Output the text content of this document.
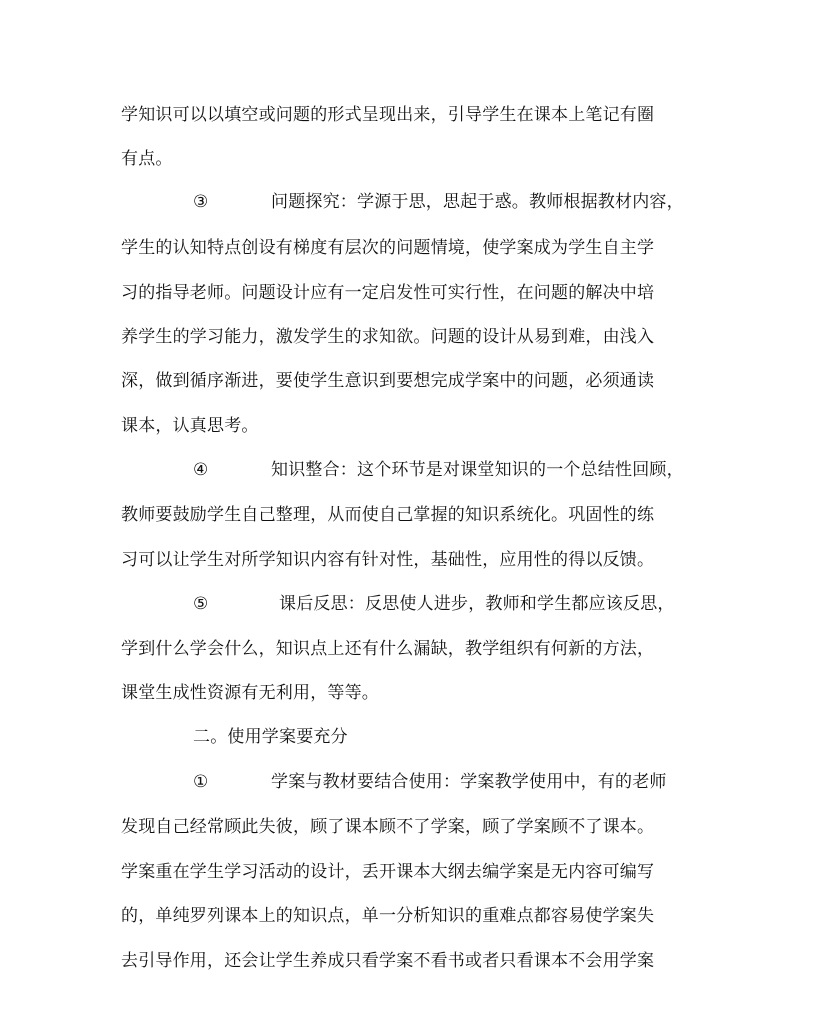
学知识可以以填空或问题的形式呈现出来，引导学生在课本上笔记有圈
有点。
③	问题探究：学源于思，思起于惑。教师根据教材内容，
学生的认知特点创设有梯度有层次的问题情境，使学案成为学生自主学
习的指导老师。问题设计应有一定启发性可实行性，在问题的解决中培
养学生的学习能力，激发学生的求知欲。问题的设计从易到难，由浅入
深，做到循序渐进，要使学生意识到要想完成学案中的问题，必须通读
课本，认真思考。
④	知识整合：这个环节是对课堂知识的一个总结性回顾，
教师要鼓励学生自己整理，从而使自己掌握的知识系统化。巩固性的练
习可以让学生对所学知识内容有针对性，基础性，应用性的得以反馈。
⑤	课后反思：反思使人进步，教师和学生都应该反思，
学到什么学会什么，知识点上还有什么漏缺，教学组织有何新的方法，
课堂生成性资源有无利用，等等。
二。使用学案要充分
①	学案与教材要结合使用：学案教学使用中，有的老师
发现自己经常顾此失彼，顾了课本顾不了学案，顾了学案顾不了课本。
学案重在学生学习活动的设计，丢开课本大纲去编学案是无内容可编写
的，单纯罗列课本上的知识点，单一分析知识的重难点都容易使学案失
去引导作用，还会让学生养成只看学案不看书或者只看课本不会用学案
